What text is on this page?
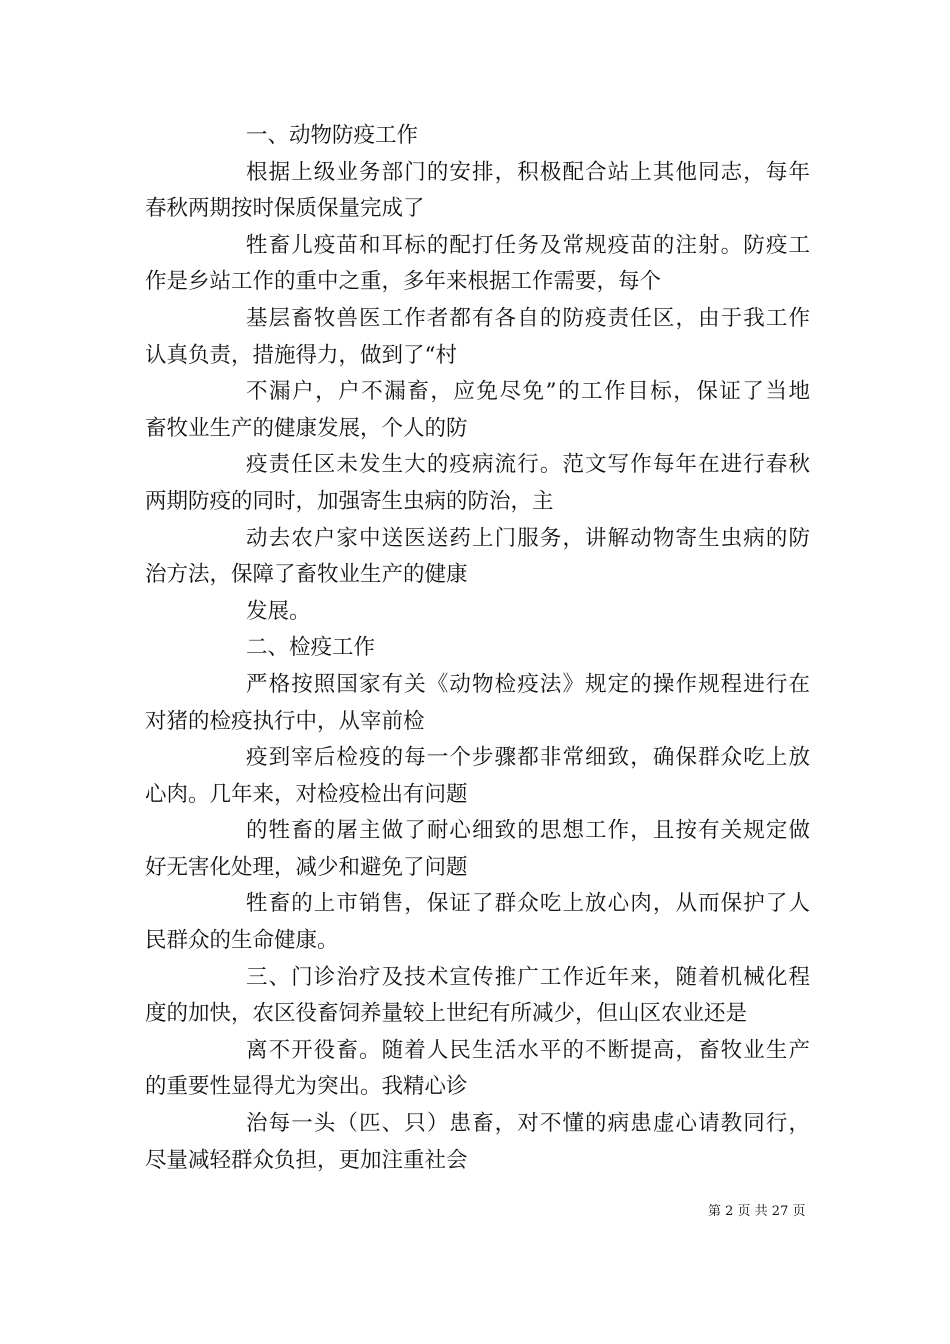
一、动物防疫工作
根据上级业务部门的安排，积极配合站上其他同志，每年
春秋两期按时保质保量完成了
牲畜儿疫苗和耳标的配打任务及常规疫苗的注射。防疫工
作是乡站工作的重中之重，多年来根据工作需要，每个
基层畜牧兽医工作者都有各自的防疫责任区，由于我工作
认真负责，措施得力，做到了“村
不漏户，户不漏畜，应免尽免”的工作目标，保证了当地
畜牧业生产的健康发展，个人的防
疫责任区未发生大的疫病流行。范文写作每年在进行春秋
两期防疫的同时，加强寄生虫病的防治，主
动去农户家中送医送药上门服务，讲解动物寄生虫病的防
治方法，保障了畜牧业生产的健康
发展。
二、检疫工作
严格按照国家有关《动物检疫法》规定的操作规程进行在
对猪的检疫执行中，从宰前检
疫到宰后检疫的每一个步骤都非常细致，确保群众吃上放
心肉。几年来，对检疫检出有问题
的牲畜的屠主做了耐心细致的思想工作，且按有关规定做
好无害化处理，减少和避免了问题
牲畜的上市销售，保证了群众吃上放心肉，从而保护了人
民群众的生命健康。
三、门诊治疗及技术宣传推广工作近年来，随着机械化程
度的加快，农区役畜饲养量较上世纪有所减少，但山区农业还是
离不开役畜。随着人民生活水平的不断提高，畜牧业生产
的重要性显得尤为突出。我精心诊
治每一头（匹、只）患畜，对不懂的病患虚心请教同行，
尽量减轻群众负担，更加注重社会
第 2 页 共 27 页
